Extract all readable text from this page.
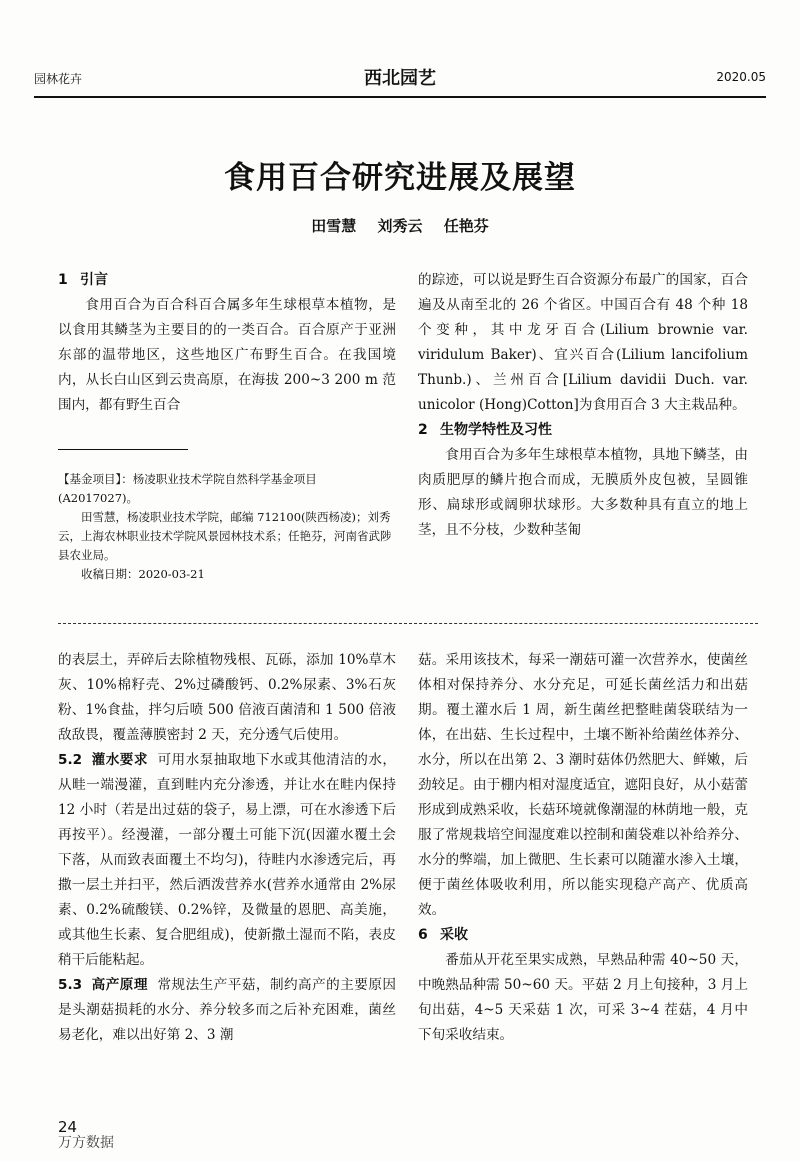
园林花卉	西北园艺	2020.05
食用百合研究进展及展望
田雪慧 刘秀云 任艳芬
1 引言

食用百合为百合科百合属多年生球根草本植物，是以食用其鳞茎为主要目的的一类百合。百合原产于亚洲东部的温带地区，这些地区广布野生百合。在我国境内，从长白山区到云贵高原，在海拔 200~3 200 m 范围内，都有野生百合

【基金项目】：杨凌职业技术学院自然科学基金项目(A2017027)。

田雪慧，杨凌职业技术学院，邮编 712100(陕西杨凌)；刘秀云，上海农林职业技术学院风景园林技术系；任艳芬，河南省武陟县农业局。

收稿日期：2020-03-21

的踪迹，可以说是野生百合资源分布最广的国家，百合遍及从南至北的 26 个省区。中国百合有 48 个种 18 个变种，其中龙牙百合(Lilium brownie var. viridulum Baker)、宜兴百合(Lilium lancifolium Thunb.)、兰州百合[Lilium davidii Duch. var. unicolor (Hong)Cotton]为食用百合 3 大主栽品种。

2 生物学特性及习性

食用百合为多年生球根草本植物，具地下鳞茎，由肉质肥厚的鳞片抱合而成，无膜质外皮包被，呈圆锥形、扁球形或阔卵状球形。大多数种具有直立的地上茎，且不分枝，少数种茎匍

的表层土，弄碎后去除植物残根、瓦砾，添加 10%草木灰、10%棉籽壳、2%过磷酸钙、0.2%尿素、3%石灰粉、1%食盐，拌匀后喷 500 倍液百菌清和 1 500 倍液敌敌畏，覆盖薄膜密封 2 天，充分透气后使用。

5.2 灌水要求 可用水泵抽取地下水或其他清洁的水，从畦一端漫灌，直到畦内充分渗透，并让水在畦内保持 12 小时（若是出过菇的袋子，易上漂，可在水渗透下后再按平）。经漫灌，一部分覆土可能下沉(因灌水覆土会下落，从而致表面覆土不均匀)，待畦内水渗透完后，再撒一层土并扫平，然后洒泼营养水(营养水通常由 2%尿素、0.2%硫酸镁、0.2%锌，及微量的恩肥、高美施，或其他生长素、复合肥组成)，使新撒土湿而不陷，表皮稍干后能粘起。

5.3 高产原理 常规法生产平菇，制约高产的主要原因是头潮菇损耗的水分、养分较多而之后补充困难，菌丝易老化，难以出好第 2、3 潮

菇。采用该技术，每采一潮菇可灌一次营养水，使菌丝体相对保持养分、水分充足，可延长菌丝活力和出菇期。覆土灌水后 1 周，新生菌丝把整畦菌袋联结为一体，在出菇、生长过程中，土壤不断补给菌丝体养分、水分，所以在出第 2、3 潮时菇体仍然肥大、鲜嫩，后劲较足。由于棚内相对湿度适宜，遮阳良好，从小菇蕾形成到成熟采收，长菇环境就像潮湿的林荫地一般，克服了常规栽培空间湿度难以控制和菌袋难以补给养分、水分的弊端，加上微肥、生长素可以随灌水渗入土壤，便于菌丝体吸收利用，所以能实现稳产高产、优质高效。

6 采收

番茄从开花至果实成熟，早熟品种需 40~50 天，中晚熟品种需 50~60 天。平菇 2 月上旬接种，3 月上旬出菇，4~5 天采菇 1 次，可采 3~4 茬菇，4 月中下旬采收结束。

24
万方数据
